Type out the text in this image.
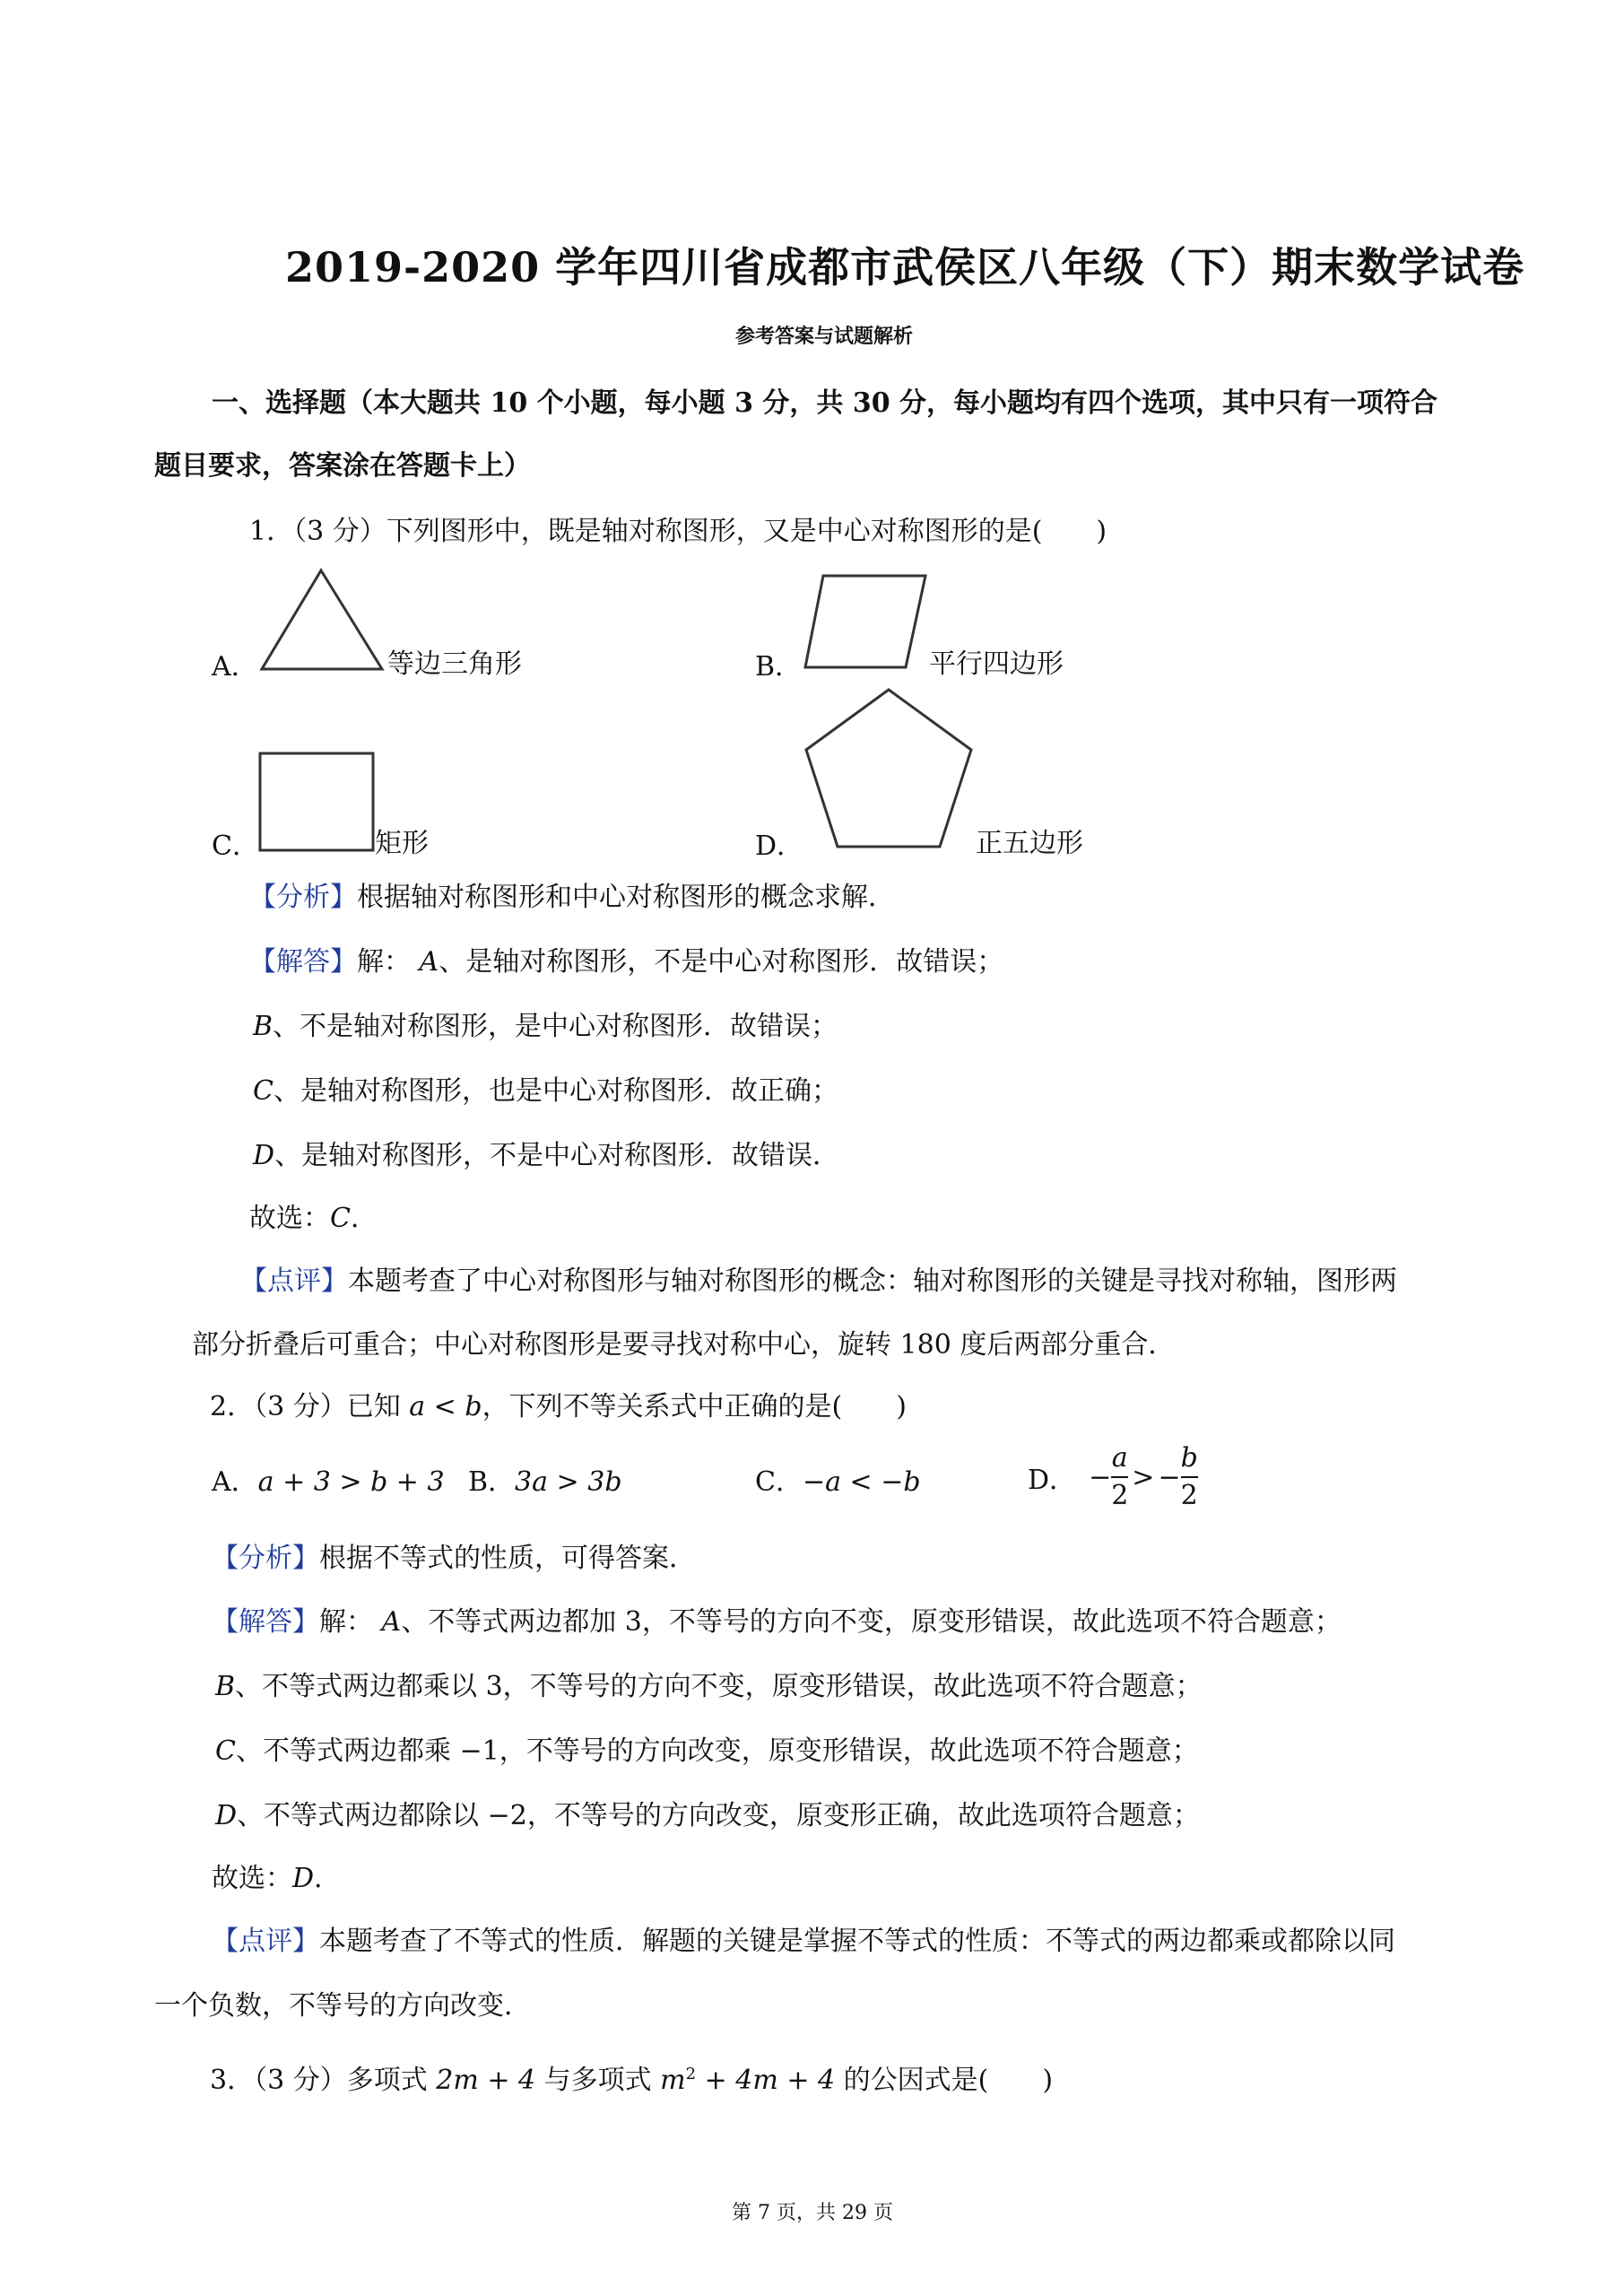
2019-2020 学年四川省成都市武侯区八年级（下）期末数学试卷
参考答案与试题解析
一、选择题（本大题共 10 个小题，每小题 3 分，共 30 分，每小题均有四个选项，其中只有一项符合
题目要求，答案涂在答题卡上）
1．（3 分）下列图形中，既是轴对称图形，又是中心对称图形的是(　　)
A．	等边三角形	B．	平行四边形
C．	矩形	D．	正五边形
【分析】根据轴对称图形和中心对称图形的概念求解．
【解答】解： A、是轴对称图形，不是中心对称图形．故错误；
B、不是轴对称图形，是中心对称图形．故错误；
C、是轴对称图形，也是中心对称图形．故正确；
D、是轴对称图形，不是中心对称图形．故错误．
故选：C．
【点评】本题考查了中心对称图形与轴对称图形的概念：轴对称图形的关键是寻找对称轴，图形两
部分折叠后可重合；中心对称图形是要寻找对称中心，旋转 180 度后两部分重合．
2．（3 分）已知 a < b，下列不等关系式中正确的是(　　)
A．a + 3 > b + 3 B．3a > 3b	C．−a < −b	D． − $\frac{a}{2}$ > − $\frac{b}{2}$
【分析】根据不等式的性质，可得答案．
【解答】解： A、不等式两边都加 3，不等号的方向不变，原变形错误，故此选项不符合题意；
B、不等式两边都乘以 3，不等号的方向不变，原变形错误，故此选项不符合题意；
C、不等式两边都乘 −1，不等号的方向改变，原变形错误，故此选项不符合题意；
D、不等式两边都除以 −2，不等号的方向改变，原变形正确，故此选项符合题意；
故选：D．
【点评】本题考查了不等式的性质．解题的关键是掌握不等式的性质：不等式的两边都乘或都除以同
一个负数，不等号的方向改变．
3．（3 分）多项式 2m + 4 与多项式 $m^2 + 4m + 4$ 的公因式是(　　)
第 7 页，共 29 页
